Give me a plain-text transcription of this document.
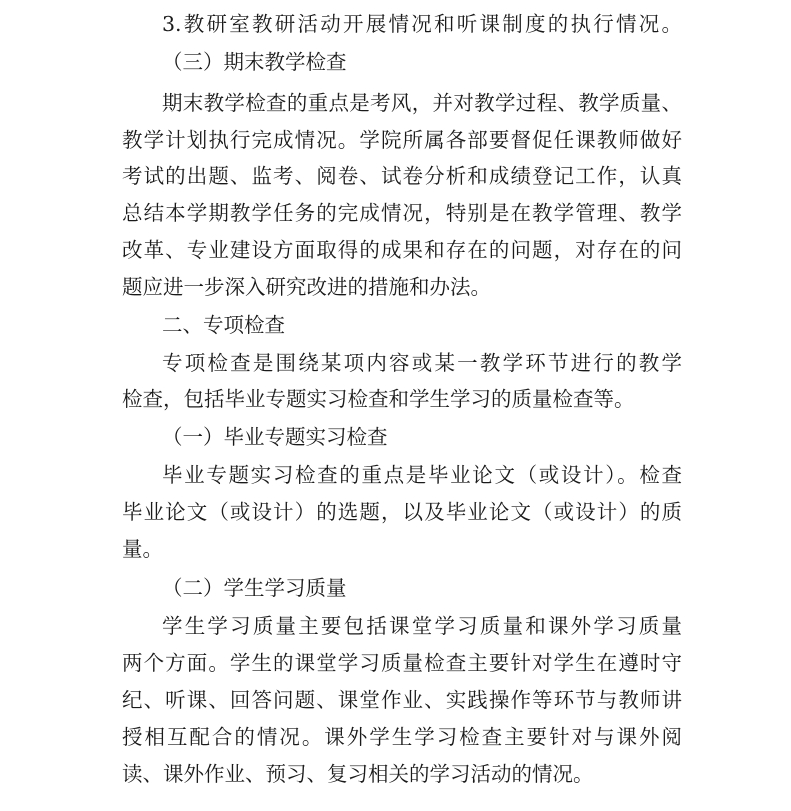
3.教研室教研活动开展情况和听课制度的执行情况。
（三）期末教学检查
期末教学检查的重点是考风，并对教学过程、教学质量、
教学计划执行完成情况。学院所属各部要督促任课教师做好
考试的出题、监考、阅卷、试卷分析和成绩登记工作，认真
总结本学期教学任务的完成情况，特别是在教学管理、教学
改革、专业建设方面取得的成果和存在的问题，对存在的问
题应进一步深入研究改进的措施和办法。
二、专项检查
专项检查是围绕某项内容或某一教学环节进行的教学
检查，包括毕业专题实习检查和学生学习的质量检查等。
（一）毕业专题实习检查
毕业专题实习检查的重点是毕业论文（或设计）。检查
毕业论文（或设计）的选题，以及毕业论文（或设计）的质
量。
（二）学生学习质量
学生学习质量主要包括课堂学习质量和课外学习质量
两个方面。学生的课堂学习质量检查主要针对学生在遵时守
纪、听课、回答问题、课堂作业、实践操作等环节与教师讲
授相互配合的情况。课外学生学习检查主要针对与课外阅
读、课外作业、预习、复习相关的学习活动的情况。
